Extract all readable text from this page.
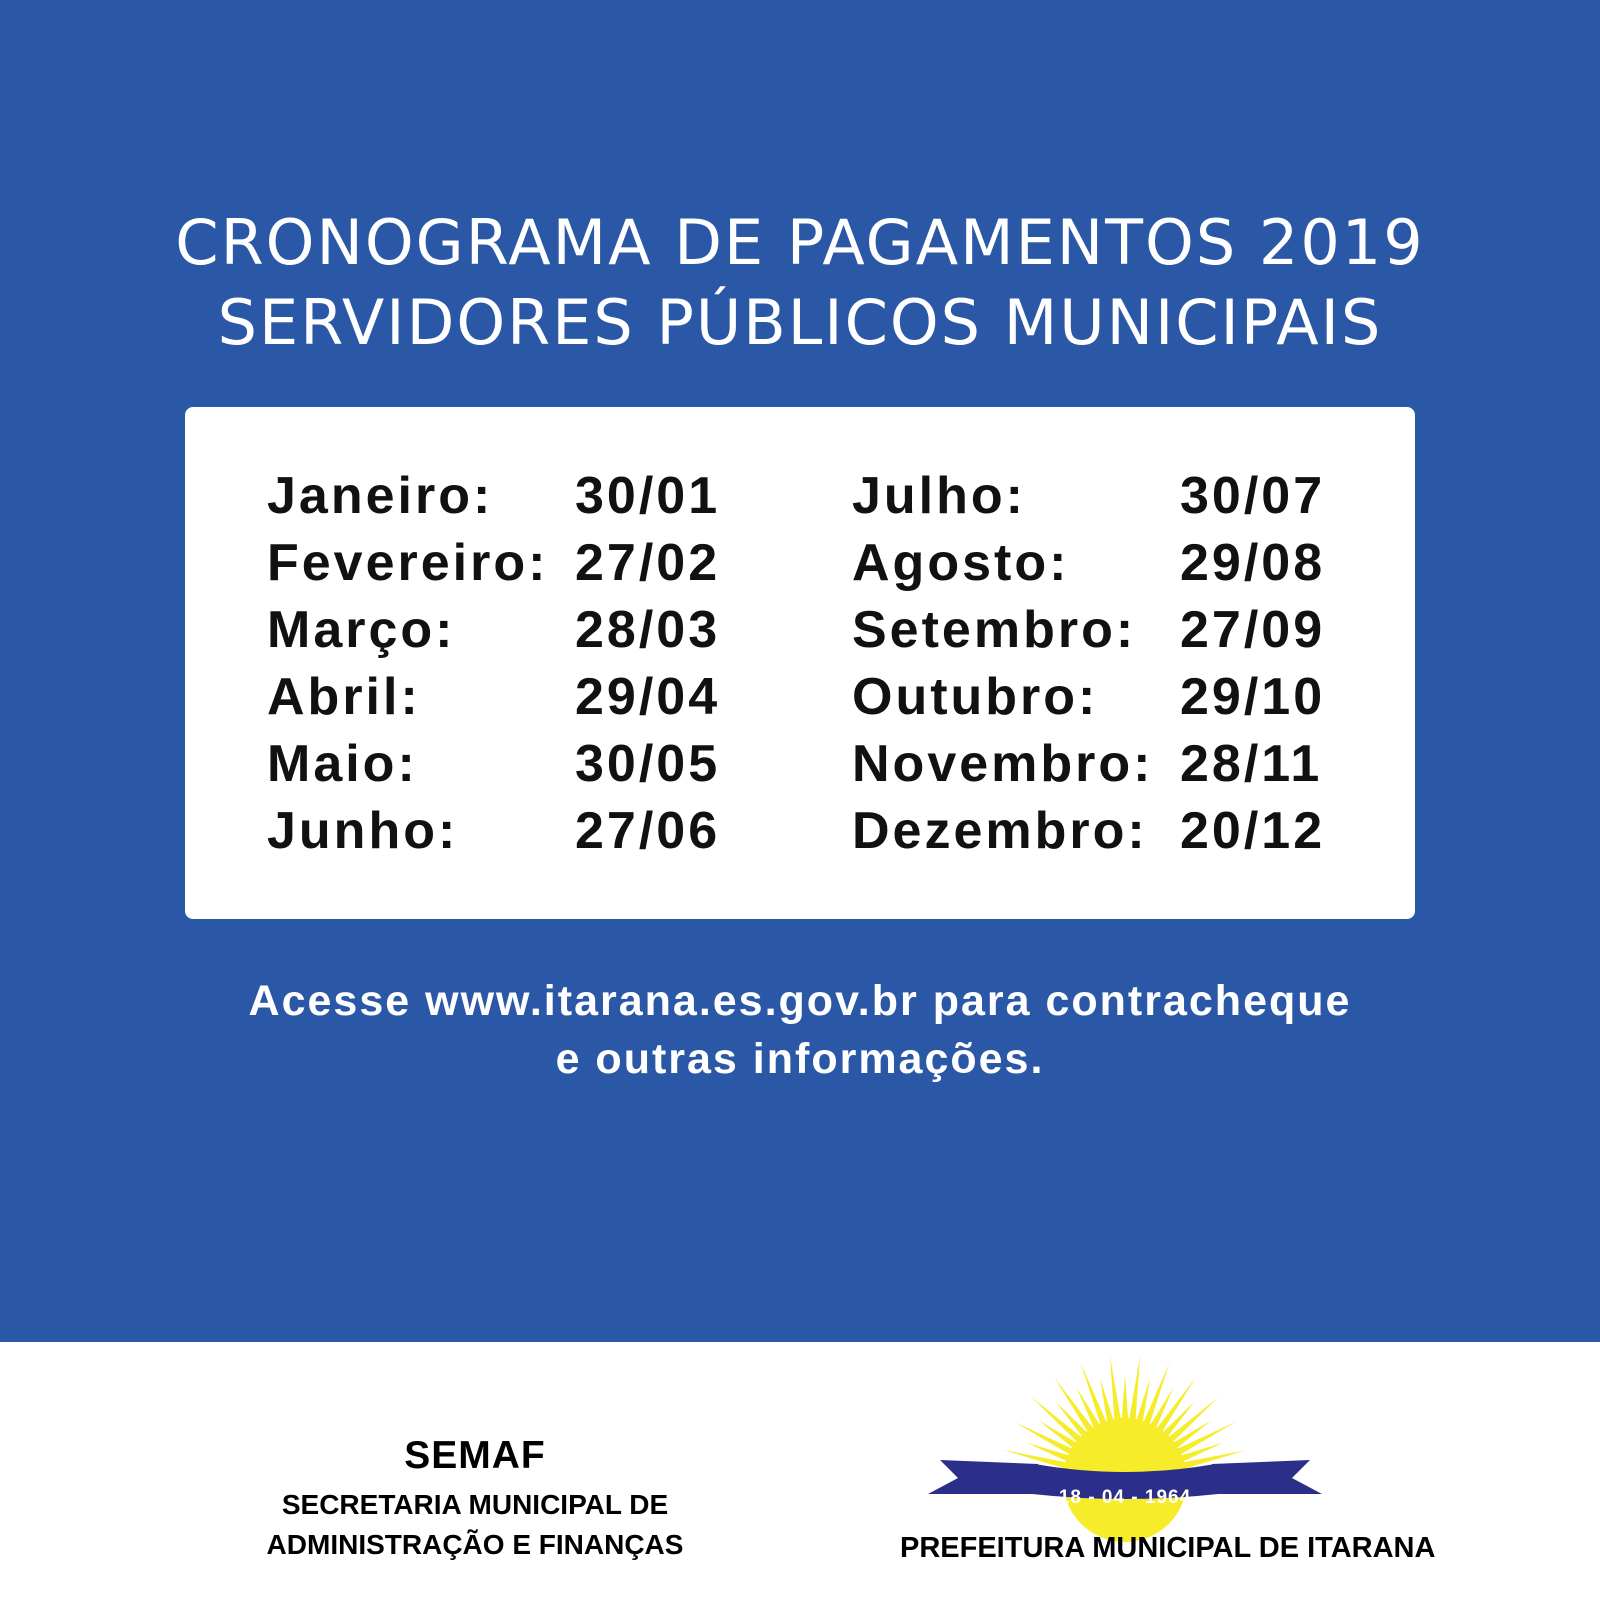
CRONOGRAMA DE PAGAMENTOS 2019
SERVIDORES PÚBLICOS MUNICIPAIS
Janeiro: 30/01
Fevereiro: 27/02
Março: 28/03
Abril:	29/04
Maio:	30/05
Junho: 27/06
Julho:	30/07
Agosto: 29/08
Setembro: 27/09
Outubro: 29/10
Novembro: 28/11
Dezembro: 20/12
Acesse www.itarana.es.gov.br para contracheque
e outras informações.
SEMAF
SECRETARIA MUNICIPAL DE
ADMINISTRAÇÃO E FINANÇAS
18 - 04 - 1964
PREFEITURA MUNICIPAL DE ITARANA
